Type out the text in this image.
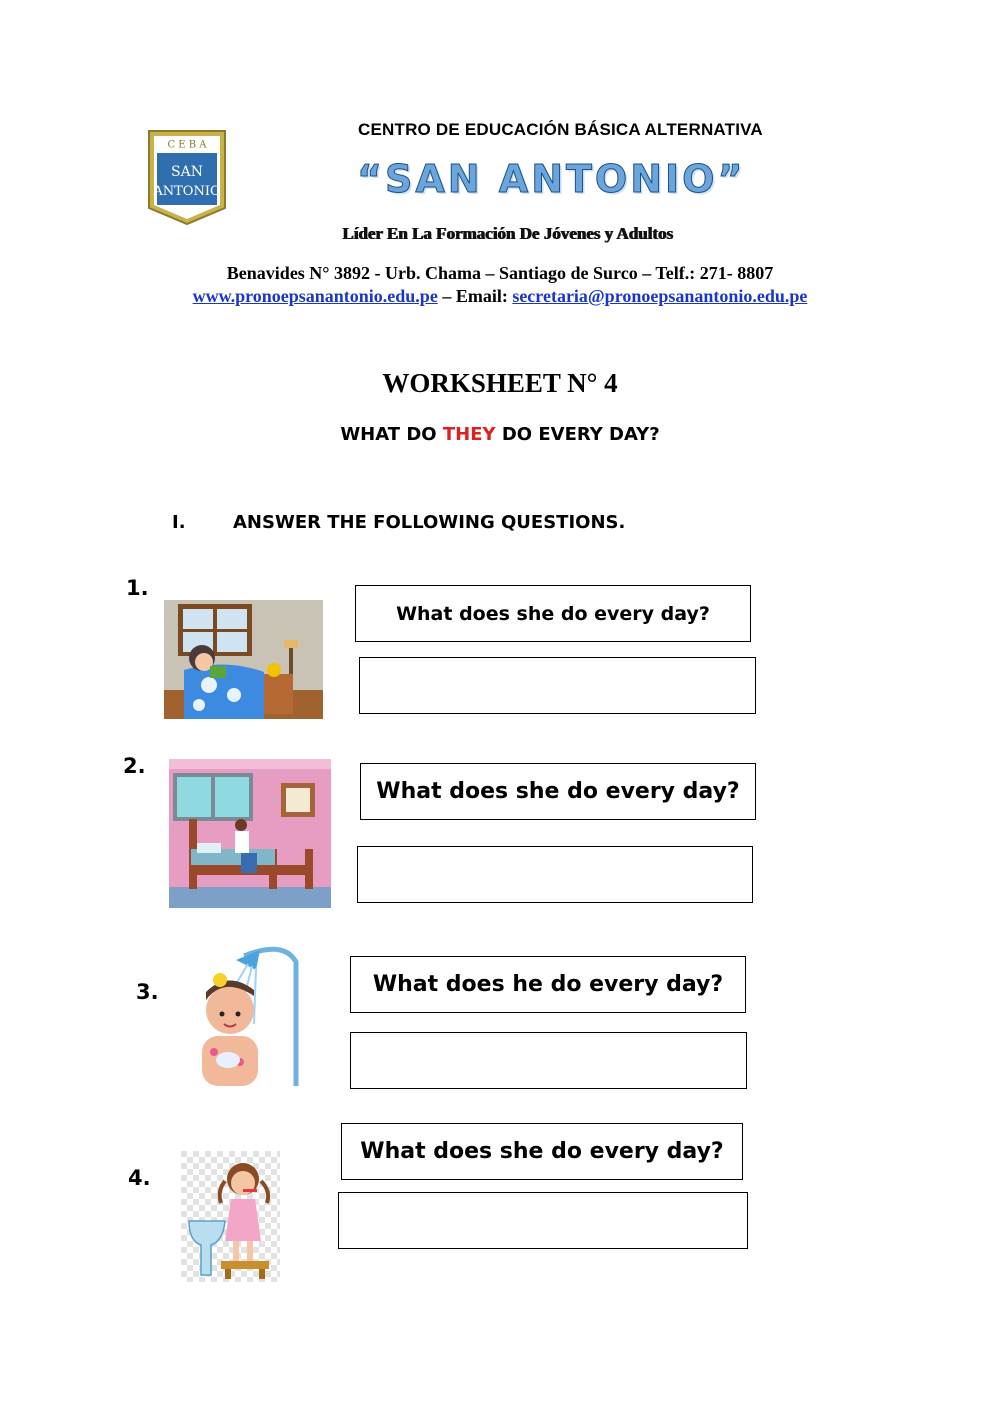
C E B A
SAN
ANTONIO
CENTRO DE EDUCACIÓN BÁSICA ALTERNATIVA
“SAN ANTONIO”
Líder En La Formación De Jóvenes y Adultos
Benavides N° 3892 - Urb. Chama – Santiago de Surco – Telf.: 271- 8807
www.pronoepsanantonio.edu.pe – Email: secretaria@pronoepsanantonio.edu.pe
WORKSHEET N° 4
WHAT DO THEY DO EVERY DAY?
I.	ANSWER THE FOLLOWING QUESTIONS.
1.
What does she do every day?
2.
What does she do every day?
3.	What does he do every day?
4.
What does she do every day?
